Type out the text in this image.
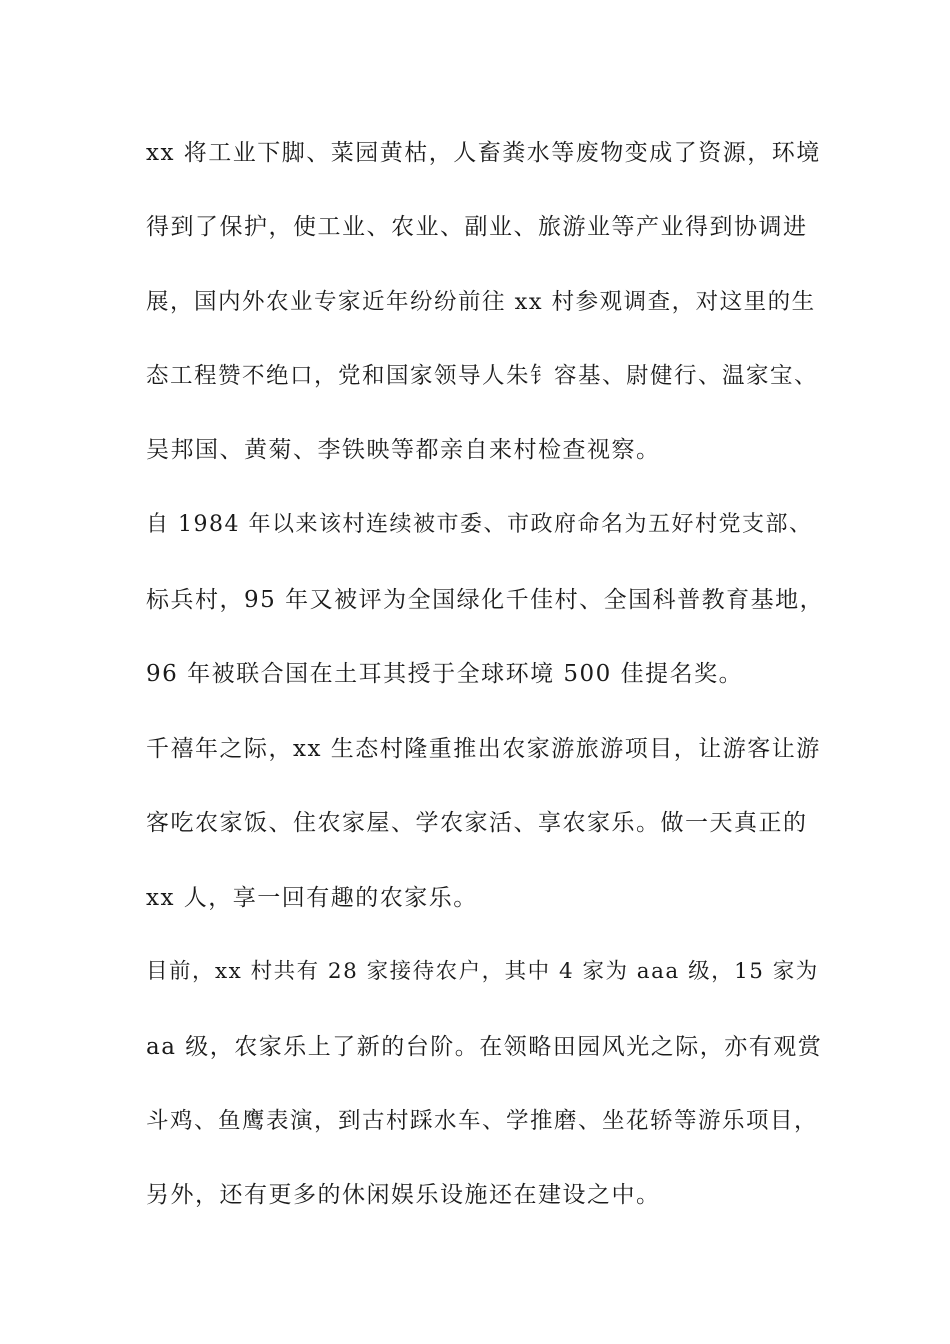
xx 将工业下脚、菜园黄枯，人畜粪水等废物变成了资源，环境
得到了保护，使工业、农业、副业、旅游业等产业得到协调进
展，国内外农业专家近年纷纷前往 xx 村参观调查，对这里的生
态工程赞不绝口，党和国家领导人朱钅容基、尉健行、温家宝、
吴邦国、黄菊、李铁映等都亲自来村检查视察。
自 1984 年以来该村连续被市委、市政府命名为五好村党支部、
标兵村，95 年又被评为全国绿化千佳村、全国科普教育基地，
96 年被联合国在土耳其授于全球环境 500 佳提名奖。
千禧年之际，xx 生态村隆重推出农家游旅游项目，让游客让游
客吃农家饭、住农家屋、学农家活、享农家乐。做一天真正的
xx 人，享一回有趣的农家乐。
目前，xx 村共有 28 家接待农户，其中 4 家为 aaa 级，15 家为
aa 级，农家乐上了新的台阶。在领略田园风光之际，亦有观赏
斗鸡、鱼鹰表演，到古村踩水车、学推磨、坐花轿等游乐项目，
另外，还有更多的休闲娱乐设施还在建设之中。
